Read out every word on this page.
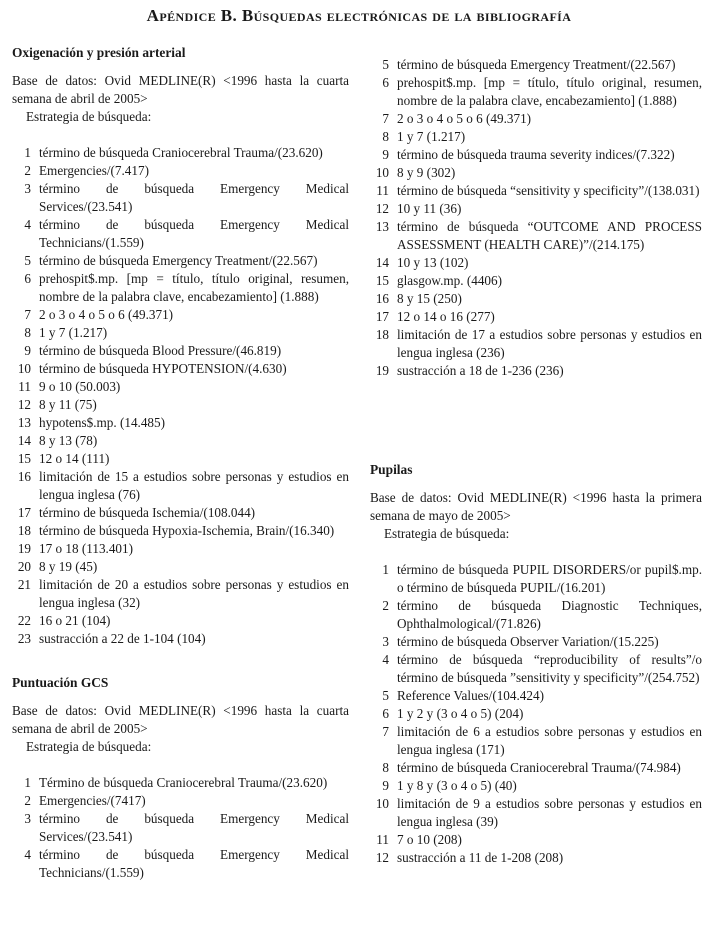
Apéndice B. Búsquedas electrónicas de la bibliografía
Oxigenación y presión arterial

Base de datos: Ovid MEDLINE(R) <1996 hasta la cuarta semana de abril de 2005>

Estrategia de búsqueda:

1 término de búsqueda Craniocerebral Trauma/(23.620)
2 Emergencies/(7.417)
3 término de búsqueda Emergency Medical Services/(23.541)
4 término de búsqueda Emergency Medical Technicians/(1.559)
5 término de búsqueda Emergency Treatment/(22.567)
6 prehospit$.mp. [mp = título, título original, resumen, nombre de la palabra clave, encabezamiento] (1.888)
7 2 o 3 o 4 o 5 o 6 (49.371)
8 1 y 7 (1.217)
9 término de búsqueda Blood Pressure/(46.819)
10 término de búsqueda HYPOTENSION/(4.630)
11 9 o 10 (50.003)
12 8 y 11 (75)
13 hypotens$.mp. (14.485)
14 8 y 13 (78)
15 12 o 14 (111)
16 limitación de 15 a estudios sobre personas y estudios en lengua inglesa (76)
17 término de búsqueda Ischemia/(108.044)
18 término de búsqueda Hypoxia-Ischemia, Brain/(16.340)
19 17 o 18 (113.401)
20 8 y 19 (45)
21 limitación de 20 a estudios sobre personas y estudios en lengua inglesa (32)
22 16 o 21 (104)
23 sustracción a 22 de 1-104 (104)
Puntuación GCS

Base de datos: Ovid MEDLINE(R) <1996 hasta la cuarta semana de abril de 2005>

Estrategia de búsqueda:

1 Término de búsqueda Craniocerebral Trauma/(23.620)
2 Emergencies/(7417)
3 término de búsqueda Emergency Medical Services/(23.541)
4 término de búsqueda Emergency Medical Technicians/(1.559)
5 término de búsqueda Emergency Treatment/(22.567)
6 prehospit$.mp. [mp = título, título original, resumen, nombre de la palabra clave, encabezamiento] (1.888)
7 2 o 3 o 4 o 5 o 6 (49.371)
8 1 y 7 (1.217)
9 término de búsqueda trauma severity indices/(7.322)
10 8 y 9 (302)
11 término de búsqueda “sensitivity y specificity”/(138.031)
12 10 y 11 (36)
13 término de búsqueda “OUTCOME AND PROCESS ASSESSMENT (HEALTH CARE)”/(214.175)
14 10 y 13 (102)
15 glasgow.mp. (4406)
16 8 y 15 (250)
17 12 o 14 o 16 (277)
18 limitación de 17 a estudios sobre personas y estudios en lengua inglesa (236)
19 sustracción a 18 de 1-236 (236)
Pupilas

Base de datos: Ovid MEDLINE(R) <1996 hasta la primera semana de mayo de 2005>

Estrategia de búsqueda:

1 término de búsqueda PUPIL DISORDERS/or pupil$.mp. o término de búsqueda PUPIL/(16.201)
2 término de búsqueda Diagnostic Techniques, Ophthalmological/(71.826)
3 término de búsqueda Observer Variation/(15.225)
4 término de búsqueda “reproducibility of results”/o término de búsqueda ”sensitivity y specificity”/(254.752)
5 Reference Values/(104.424)
6 1 y 2 y (3 o 4 o 5) (204)
7 limitación de 6 a estudios sobre personas y estudios en lengua inglesa (171)
8 término de búsqueda Craniocerebral Trauma/(74.984)
9 1 y 8 y (3 o 4 o 5) (40)
10 limitación de 9 a estudios sobre personas y estudios en lengua inglesa (39)
11 7 o 10 (208)
12 sustracción a 11 de 1-208 (208)
